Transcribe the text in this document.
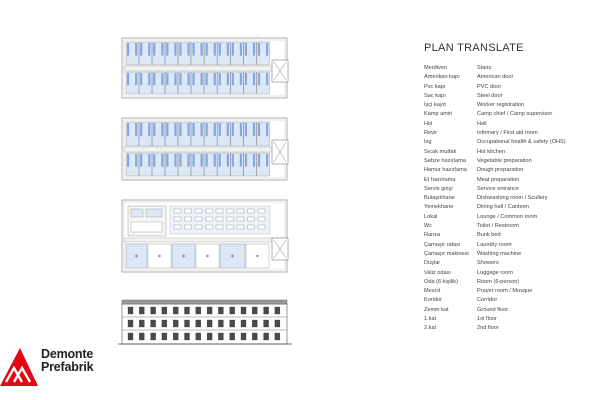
─ ─
·
PLAN TRANSLATE
Merdiven	Stairs
Amerikan kapı	American door
Pvc kapı	PVC door
Sac kapı	Steel door
İşçi kayıt	Worker registration
Kamp amiri	Camp chief / Camp supervisor
Hol	Hall
Revir	Infirmary / First aid room
Isg	Occupational health & safety (OHS)
Sıcak mutfak	Hot kitchen
Sebze hazırlama	Vegetable preparation
Hamur hazırlama	Dough preparation
Et hazırlama	Meat preparation
Servis girişi	Service entrance
Bulaşıkhane	Dishwashing room / Scullery
Yemekhane	Dining hall / Canteen
Lokal	Lounge / Common room
Wc	Toilet / Restroom
Ranza	Bunk bed
Çamaşır odası	Laundry room
Çamaşır makinesi	Washing machine
Duşlar	Showers
Valiz odası	Luggage room
Oda (6 kişilik)	Room (6-person)
Mescit	Prayer room / Mosque
Koridor	Corridor
Zemin kat	Ground floor
1.kat	1st floor
2.kat	2nd floor
Demonte
Prefabrik
